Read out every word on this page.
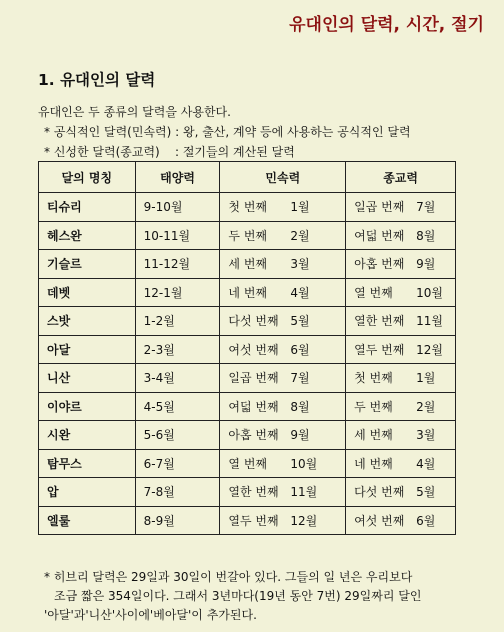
유대인의 달력, 시간, 절기
1. 유대인의 달력
유대인은 두 종류의 달력을 사용한다.
* 공식적인 달력(민속력) : 왕, 출산, 계약 등에 사용하는 공식적인 달력
* 신성한 달력(종교력)    : 절기들의 계산된 달력
달의 명칭	태양력	민속력	종교력
티슈리	9-10월	첫 번째 1월	일곱 번째 7월
헤스완	10-11월	두 번째 2월	여덟 번째 8월
기슬르	11-12월	세 번째 3월	아홉 번째 9월
데벳	12-1월	네 번째 4월	열 번째 10월
스밧	1-2월	다섯 번째 5월	열한 번째 11월
아달	2-3월	여섯 번째 6월	열두 번째 12월
니산	3-4월	일곱 번째 7월	첫 번째 1월
이야르	4-5월	여덟 번째 8월	두 번째 2월
시완	5-6월	아홉 번째 9월	세 번째 3월
탐무스	6-7월	열 번째 10월	네 번째 4월
압	7-8월	열한 번째 11월	다섯 번째 5월
엘룰	8-9월	열두 번째 12월	여섯 번째 6월
* 히브리 달력은 29일과 30일이 번갈아 있다. 그들의 일 년은 우리보다
조금 짧은 354일이다. 그래서 3년마다(19년 동안 7번) 29일짜리 달인
'아달'과'니산'사이에'베아달'이 추가된다.
